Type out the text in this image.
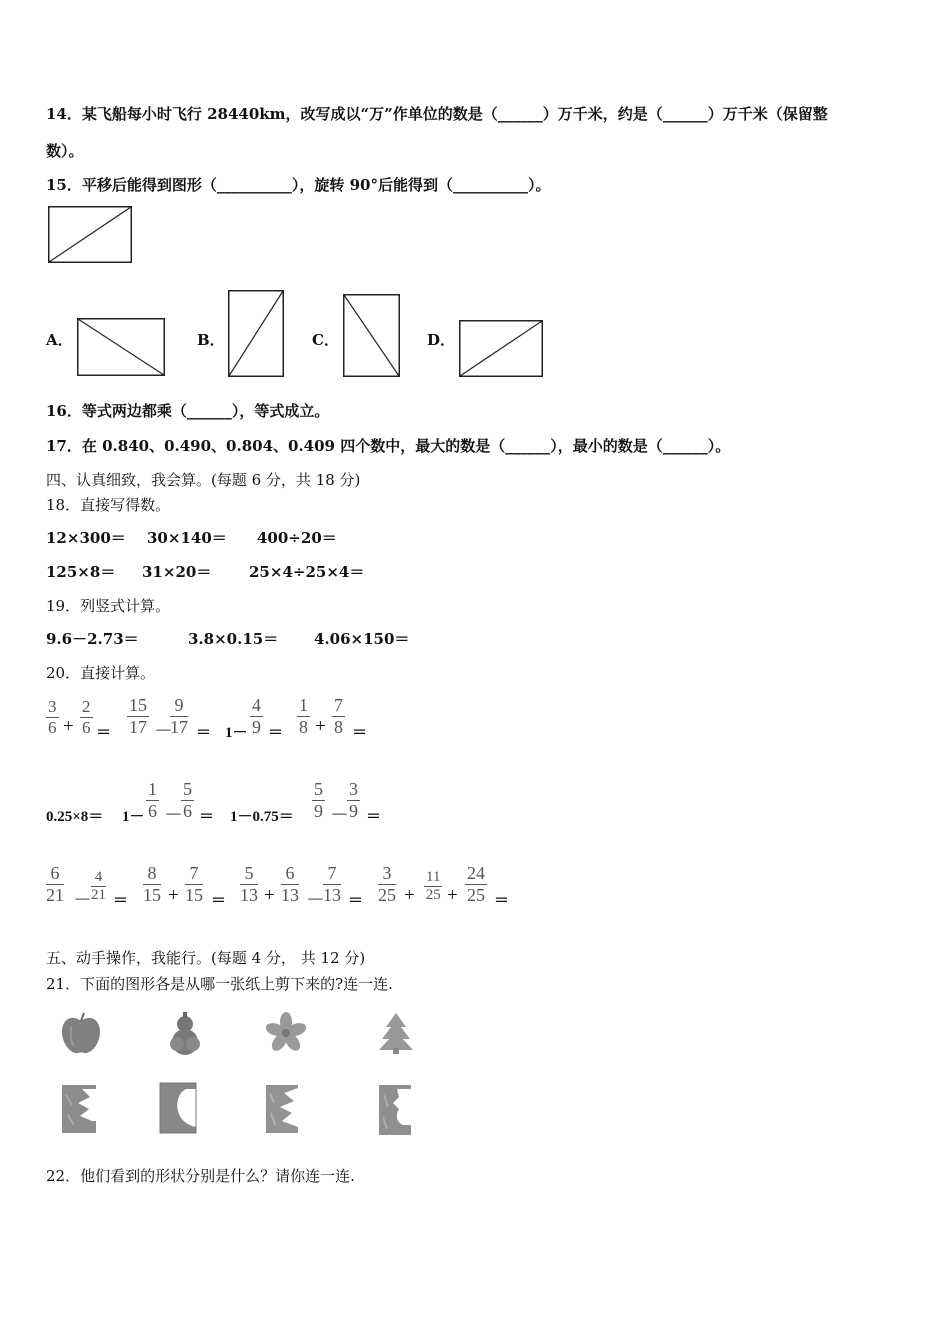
14．某飞船每小时飞行 28440km，改写成以“万”作单位的数是（______）万千米，约是（______）万千米（保留整
数）。
15．平移后能得到图形（__________），旋转 90°后能得到（__________）。
A．	B．	C．	D．
16．等式两边都乘（______），等式成立。
17．在 0.840、0.490、0.804、0.409 四个数中，最大的数是（______），最小的数是（______）。
四、认真细致，我会算。(每题 6 分，共 18 分)
18．直接写得数。
12×300＝ 30×140＝ 400÷20＝
125×8＝ 31×20＝	25×4÷25×4＝
19．列竖式计算。
9.6－2.73＝	3.8×0.15＝ 4.06×150＝
20．直接计算。
3
6 +
2
6 ＝
15
17 －
9
17 ＝ 1－
4
9 ＝
1
8 +
7
8 ＝
0.25×8＝ 1－
1
6 －
5
6 ＝ 1－0.75＝
5
9 －
3
9 ＝
6
21 －
4
21 ＝
8
15 +
7
15 ＝
5
13 +
6
13 －
7
13 ＝
3
25 +
11
25 +
24
25 ＝
五、动手操作，我能行。(每题 4 分， 共 12 分)
21．下面的图形各是从哪一张纸上剪下来的?连一连.
22．他们看到的形状分别是什么？请你连一连.
